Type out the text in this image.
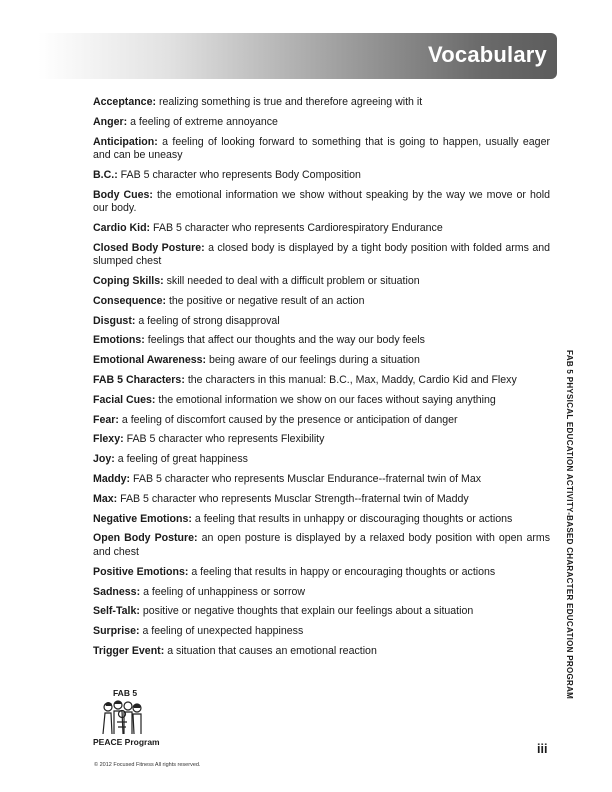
Vocabulary
Acceptance: realizing something is true and therefore agreeing with it
Anger: a feeling of extreme annoyance
Anticipation: a feeling of looking forward to something that is going to happen, usually eager and can be uneasy
B.C.: FAB 5 character who represents Body Composition
Body Cues: the emotional information we show without speaking by the way we move or hold our body.
Cardio Kid: FAB 5 character who represents Cardiorespiratory Endurance
Closed Body Posture: a closed body is displayed by a tight body position with folded arms and slumped chest
Coping Skills: skill needed to deal with a difficult problem or situation
Consequence: the positive or negative result of an action
Disgust: a feeling of strong disapproval
Emotions: feelings that affect our thoughts and the way our body feels
Emotional Awareness: being aware of our feelings during a situation
FAB 5 Characters: the characters in this manual: B.C., Max, Maddy, Cardio Kid and Flexy
Facial Cues: the emotional information we show on our faces without saying anything
Fear: a feeling of discomfort caused by the presence or anticipation of danger
Flexy: FAB 5 character who represents Flexibility
Joy: a feeling of great happiness
Maddy: FAB 5 character who represents Musclar Endurance--fraternal twin of Max
Max: FAB 5 character who represents Musclar Strength--fraternal twin of Maddy
Negative Emotions: a feeling that results in unhappy or discouraging thoughts or actions
Open Body Posture: an open posture is displayed by a relaxed body position with open arms and chest
Positive Emotions: a feeling that results in happy or encouraging thoughts or actions
Sadness: a feeling of unhappiness or sorrow
Self-Talk: positive or negative thoughts that explain our feelings about a situation
Surprise: a feeling of unexpected happiness
Trigger Event: a situation that causes an emotional reaction	FAB 5 PHYSICAL EDUCATION ACTIVITY-BASED CHARACTER EDUCATION PROGRAM
FAB 5
PEACE Program
© 2012 Focused Fitness All rights reserved.
iii
